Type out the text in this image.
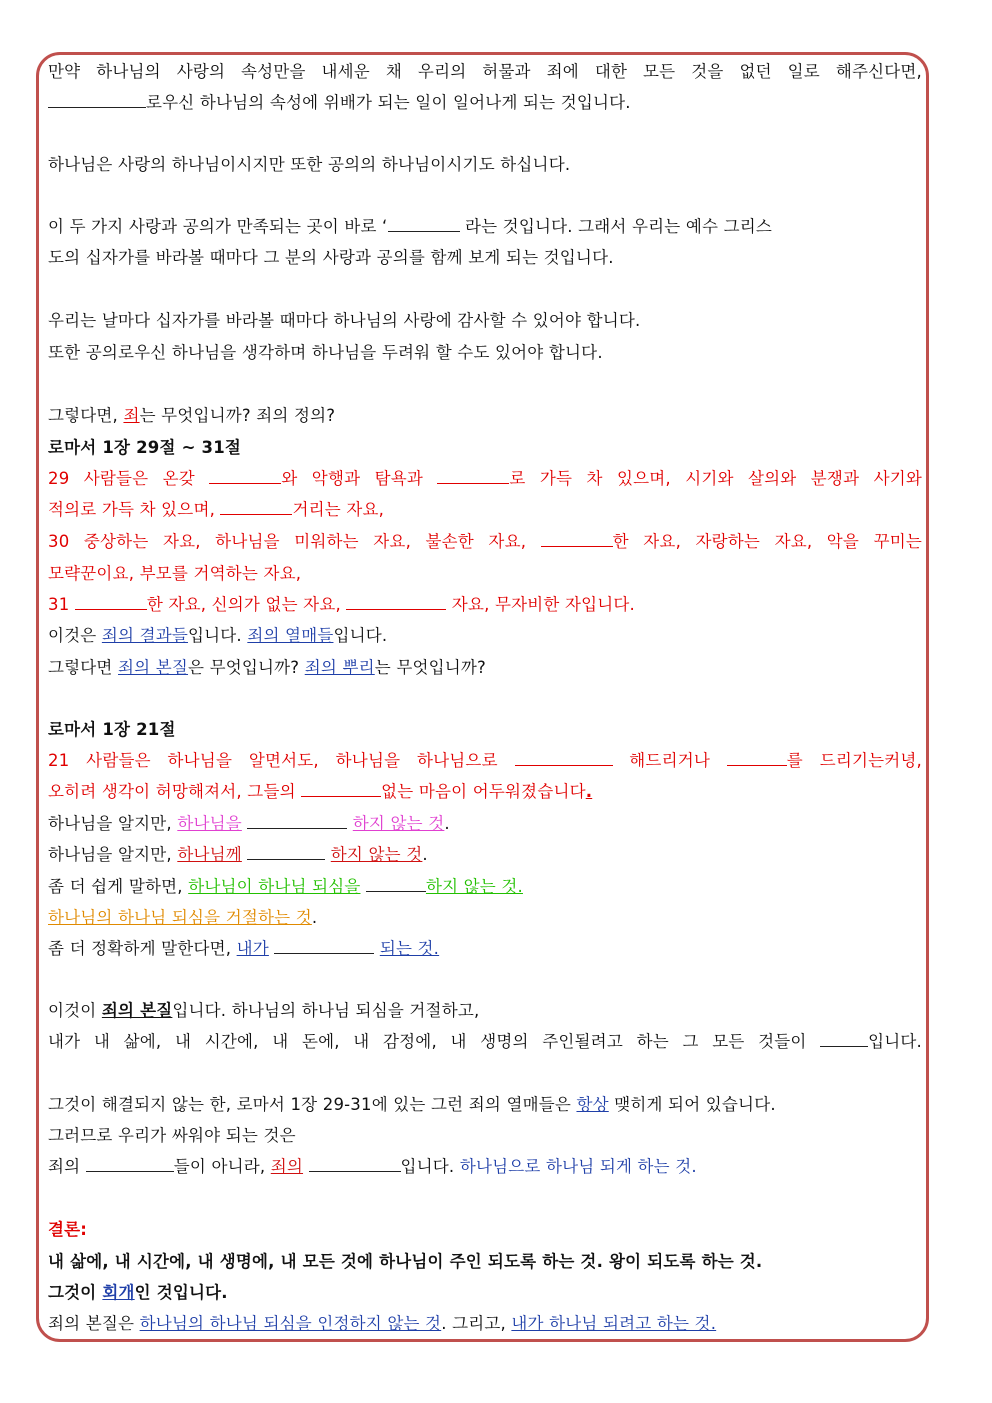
만약 하나님의 사랑의 속성만을 내세운 채 우리의 허물과 죄에 대한 모든 것을 없던 일로 해주신다면,
로우신 하나님의 속성에 위배가 되는 일이 일어나게 되는 것입니다.
하나님은 사랑의 하나님이시지만 또한 공의의 하나님이시기도 하십니다.
이 두 가지 사랑과 공의가 만족되는 곳이 바로 ‘	라는 것입니다. 그래서 우리는 예수 그리스
도의 십자가를 바라볼 때마다 그 분의 사랑과 공의를 함께 보게 되는 것입니다.
우리는 날마다 십자가를 바라볼 때마다 하나님의 사랑에 감사할 수 있어야 합니다.
또한 공의로우신 하나님을 생각하며 하나님을 두려워 할 수도 있어야 합니다.
그렇다면, 죄는 무엇입니까? 죄의 정의?
로마서 1장 29절 ~ 31절
29 사람들은 온갖	와 악행과 탐욕과	로 가득 차 있으며, 시기와 살의와 분쟁과 사기와
적의로 가득 차 있으며,	거리는 자요,
30 중상하는 자요, 하나님을 미워하는 자요, 불손한 자요,	한 자요, 자랑하는 자요, 악을 꾸미는
모략꾼이요, 부모를 거역하는 자요,
31	한 자요, 신의가 없는 자요,	자요, 무자비한 자입니다.
이것은 죄의 결과들입니다. 죄의 열매들입니다.
그렇다면 죄의 본질은 무엇입니까? 죄의 뿌리는 무엇입니까?
로마서 1장 21절
21 사람들은 하나님을 알면서도, 하나님을 하나님으로	해드리거나	를 드리기는커녕,
오히려 생각이 허망해져서, 그들의	없는 마음이 어두워졌습니다.
하나님을 알지만, 하나님을	하지 않는 것.
하나님을 알지만, 하나님께	하지 않는 것.
좀 더 쉽게 말하면, 하나님이 하나님 되심을	하지 않는 것.
하나님의 하나님 되심을 거절하는 것.
좀 더 정확하게 말한다면, 내가	되는 것.
이것이 죄의 본질입니다. 하나님의 하나님 되심을 거절하고,
내가 내 삶에, 내 시간에, 내 돈에, 내 감정에, 내 생명의 주인될려고 하는 그 모든 것들이	입니다.
그것이 해결되지 않는 한, 로마서 1장 29-31에 있는 그런 죄의 열매들은 항상 맺히게 되어 있습니다.
그러므로 우리가 싸워야 되는 것은
죄의	들이 아니라, 죄의	입니다. 하나님으로 하나님 되게 하는 것.
결론:
내 삶에, 내 시간에, 내 생명에, 내 모든 것에 하나님이 주인 되도록 하는 것. 왕이 되도록 하는 것.
그것이 회개인 것입니다.
죄의 본질은 하나님의 하나님 되심을 인정하지 않는 것. 그리고, 내가 하나님 되려고 하는 것.
